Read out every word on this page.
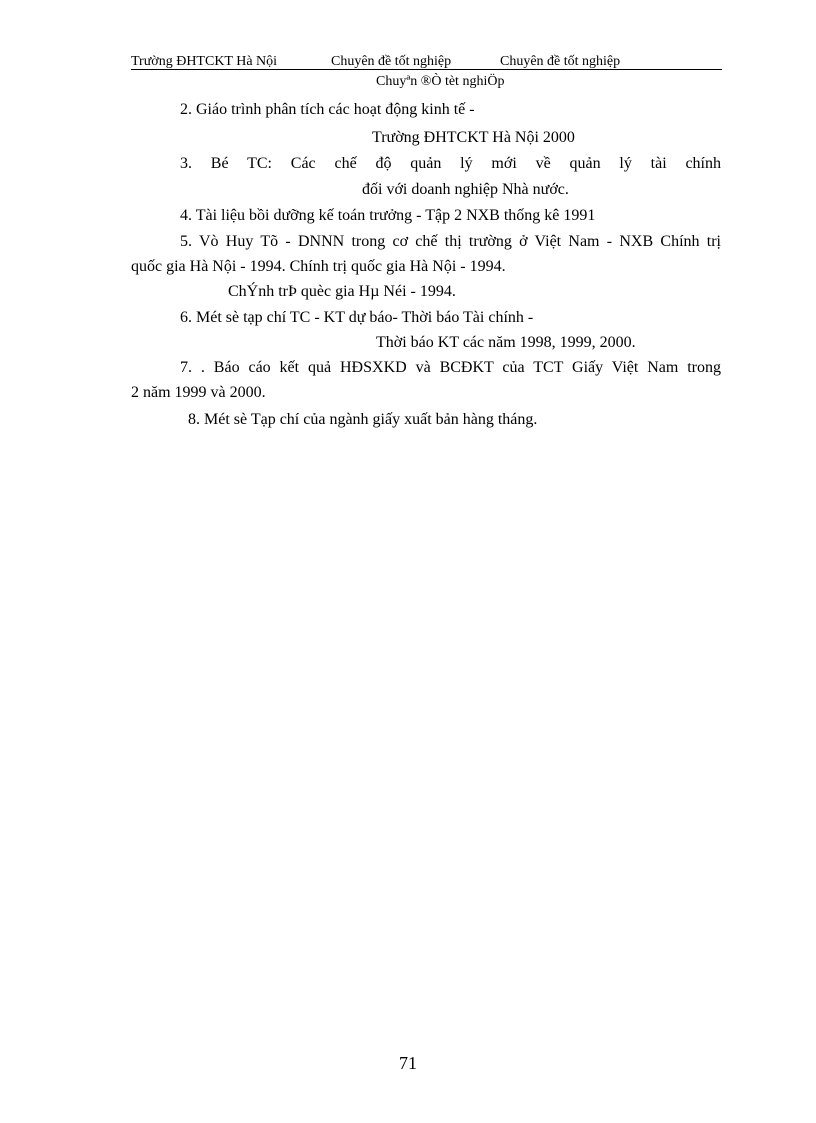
Trường ĐHTCKT Hà Nội	Chuyên đề tốt nghiệp	Chuyên đề tốt nghiệp
Chuyªn ®Ò tèt nghiÖp
2. Giáo trình phân tích các hoạt động kinh tế -
Trường ĐHTCKT Hà Nội 2000
3. Bé TC: Các chế độ quản lý mới về quản lý tài chính
đối với doanh nghiệp Nhà nước.
4. Tài liệu bồi dưỡng kế toán trưởng - Tập 2 NXB thống kê 1991
5. Vò Huy Tõ - DNNN trong cơ chế thị trường ở Việt Nam - NXB Chính trị
quốc gia Hà Nội - 1994. Chính trị quốc gia Hà Nội - 1994.
ChÝnh trÞ quèc gia Hµ Néi - 1994.
6. Mét sè tạp chí TC - KT dự báo- Thời báo Tài chính -
Thời báo KT các năm 1998, 1999, 2000.
7. . Báo cáo kết quả HĐSXKD và BCĐKT của TCT Giấy Việt Nam trong
2 năm 1999 và 2000.
8. Mét sè Tạp chí của ngành giấy xuất bản hàng tháng.
71
